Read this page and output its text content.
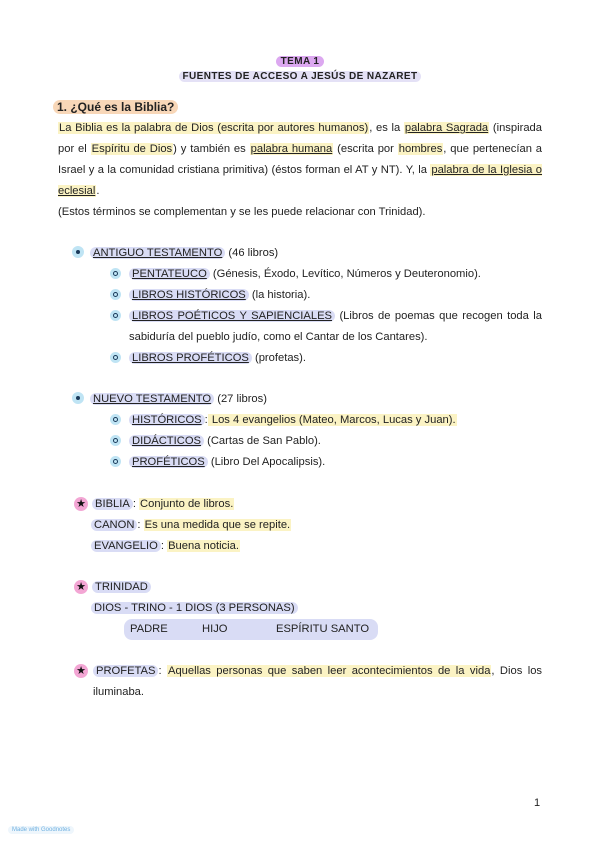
TEMA 1
FUENTES DE ACCESO A JESÚS DE NAZARET
1. ¿Qué es la Biblia?
La Biblia es la palabra de Dios (escrita por autores humanos), es la palabra Sagrada (inspirada por el Espíritu de Dios) y también es palabra humana (escrita por hombres, que pertenecían a Israel y a la comunidad cristiana primitiva) (éstos forman el AT y NT). Y, la palabra de la Iglesia o eclesial.
(Estos términos se complementan y se les puede relacionar con Trinidad).
ANTIGUO TESTAMENTO (46 libros)
PENTATEUCO (Génesis, Éxodo, Levítico, Números y Deuteronomio).
LIBROS HISTÓRICOS (la historia).
LIBROS POÉTICOS Y SAPIENCIALES (Libros de poemas que recogen toda la sabiduría del pueblo judío, como el Cantar de los Cantares).
LIBROS PROFÉTICOS (profetas).
NUEVO TESTAMENTO (27 libros)
HISTÓRICOS : Los 4 evangelios (Mateo, Marcos, Lucas y Juan).
DIDÁCTICOS (Cartas de San Pablo).
PROFÉTICOS (Libro Del Apocalipsis).
★ BIBLIA : Conjunto de libros.
CANON : Es una medida que se repite.
EVANGELIO : Buena noticia.
★ TRINIDAD
DIOS - TRINO - 1 DIOS (3 PERSONAS)
PADRE	HIJO	ESPÍRITU SANTO
★ PROFETAS : Aquellas personas que saben leer acontecimientos de la vida, Dios los iluminaba.
1
Made with Goodnotes
